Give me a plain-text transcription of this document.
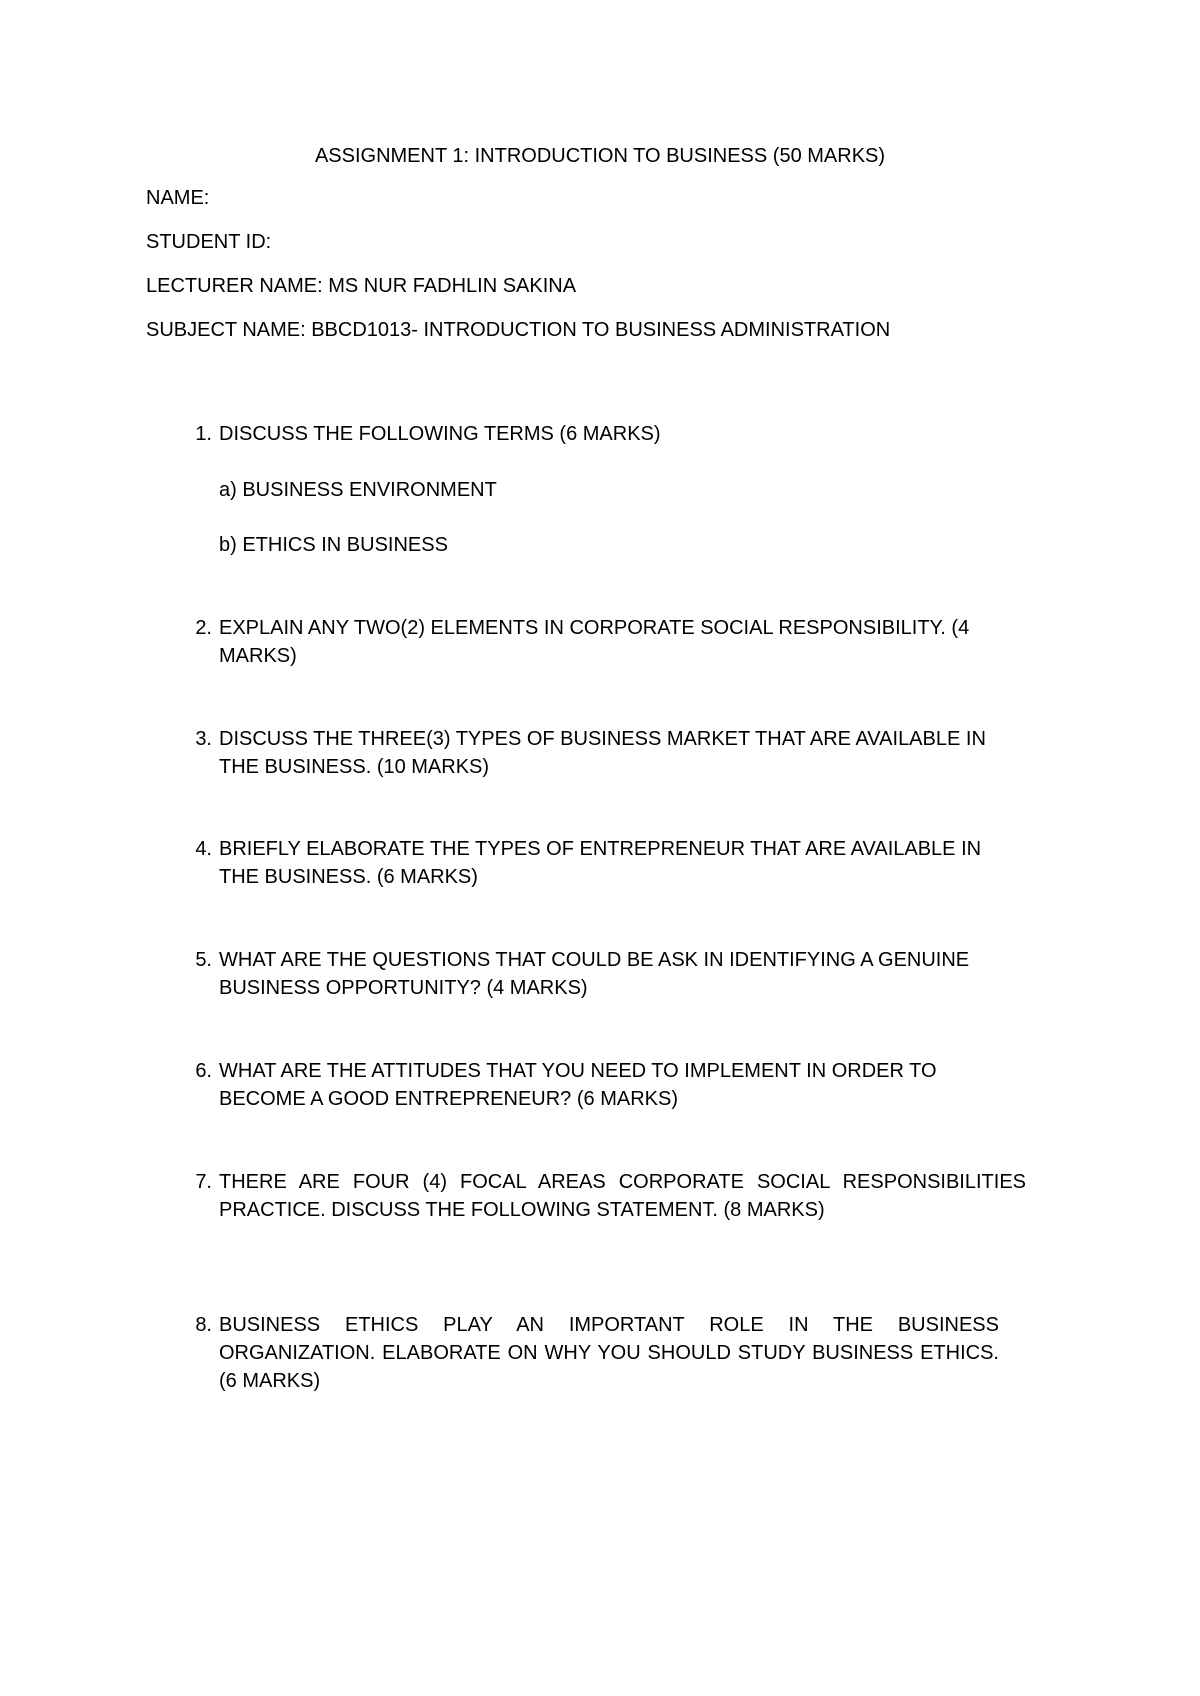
ASSIGNMENT 1: INTRODUCTION TO BUSINESS (50 MARKS)
NAME:
STUDENT ID:
LECTURER NAME: MS NUR FADHLIN SAKINA
SUBJECT NAME: BBCD1013- INTRODUCTION TO BUSINESS ADMINISTRATION
1. DISCUSS THE FOLLOWING TERMS (6 MARKS)
a) BUSINESS ENVIRONMENT
b) ETHICS IN BUSINESS
2. EXPLAIN ANY TWO(2) ELEMENTS IN CORPORATE SOCIAL RESPONSIBILITY. (4 MARKS)
3. DISCUSS THE THREE(3) TYPES OF BUSINESS MARKET THAT ARE AVAILABLE IN THE BUSINESS. (10 MARKS)
4. BRIEFLY ELABORATE THE TYPES OF ENTREPRENEUR THAT ARE AVAILABLE IN THE BUSINESS. (6 MARKS)
5. WHAT ARE THE QUESTIONS THAT COULD BE ASK IN IDENTIFYING A GENUINE BUSINESS OPPORTUNITY? (4 MARKS)
6. WHAT ARE THE ATTITUDES THAT YOU NEED TO IMPLEMENT IN ORDER TO BECOME A GOOD ENTREPRENEUR? (6 MARKS)
7. THERE ARE FOUR (4) FOCAL AREAS CORPORATE SOCIAL RESPONSIBILITIES PRACTICE. DISCUSS THE FOLLOWING STATEMENT. (8 MARKS)
8. BUSINESS ETHICS PLAY AN IMPORTANT ROLE IN THE BUSINESS ORGANIZATION. ELABORATE ON WHY YOU SHOULD STUDY BUSINESS ETHICS. (6 MARKS)
